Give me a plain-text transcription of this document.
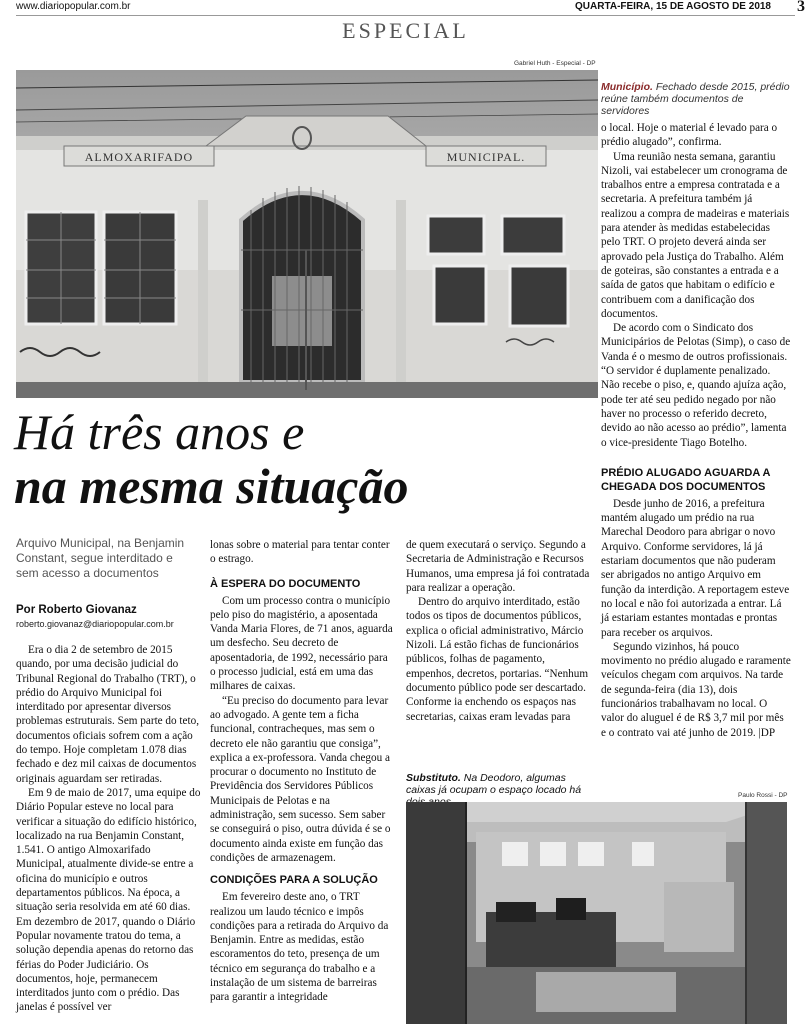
www.diariopopular.com.br	QUARTA-FEIRA, 15 DE AGOSTO DE 2018 3
ESPECIAL
Gabriel Huth - Especial - DP
ALMOXARIFADO	MUNICIPAL.
Município. Fechado desde 2015, prédio reúne também documentos de servidores
Há três anos e
na mesma situação
Arquivo Municipal, na Benjamin Constant, segue interditado e sem acesso a documentos
Por Roberto Giovanaz
roberto.giovanaz@diariopopular.com.br

Era o dia 2 de setembro de 2015 quando, por uma decisão judicial do Tribunal Regional do Trabalho (TRT), o prédio do Arquivo Municipal foi interditado por apresentar diversos problemas estruturais. Sem parte do teto, documentos oficiais sofrem com a ação do tempo. Hoje completam 1.078 dias fechado e dez mil caixas de documentos originais aguardam ser retiradas.

Em 9 de maio de 2017, uma equipe do Diário Popular esteve no local para verificar a situação do edifício histórico, localizado na rua Benjamin Constant, 1.541. O antigo Almoxarifado Municipal, atualmente divide-se entre a oficina do município e outros departamentos públicos. Na época, a situação seria resolvida em até 60 dias. Em dezembro de 2017, quando o Diário Popular novamente tratou do tema, a solução dependia apenas do retorno das férias do Poder Judiciário. Os documentos, hoje, permanecem interditados junto com o prédio. Das janelas é possível ver

lonas sobre o material para tentar conter o estrago.

À ESPERA DO DOCUMENTO

Com um processo contra o município pelo piso do magistério, a aposentada Vanda Maria Flores, de 71 anos, aguarda um desfecho. Seu decreto de aposentadoria, de 1992, necessário para o processo judicial, está em uma das milhares de caixas.

“Eu preciso do documento para levar ao advogado. A gente tem a ficha funcional, contracheques, mas sem o decreto ele não garantiu que consiga”, explica a ex-professora. Vanda chegou a procurar o documento no Instituto de Previdência dos Servidores Públicos Municipais de Pelotas e na administração, sem sucesso. Sem saber se conseguirá o piso, outra dúvida é se o documento ainda existe em função das condições de armazenagem.

CONDIÇÕES PARA A SOLUÇÃO

Em fevereiro deste ano, o TRT realizou um laudo técnico e impôs condições para a retirada do Arquivo da Benjamin. Entre as medidas, estão escoramentos do teto, presença de um técnico em segurança do trabalho e a instalação de um sistema de barreiras para garantir a integridade

de quem executará o serviço. Segundo a Secretaria de Administração e Recursos Humanos, uma empresa já foi contratada para realizar a operação.

Dentro do arquivo interditado, estão todos os tipos de documentos públicos, explica o oficial administrativo, Márcio Nizoli. Lá estão fichas de funcionários públicos, folhas de pagamento, empenhos, decretos, portarias. “Nenhum documento público pode ser descartado. Conforme ia enchendo os espaços nas secretarias, caixas eram levadas para

Substituto. Na Deodoro, algumas caixas já ocupam o espaço locado há	Paulo Rossi - DP

o local. Hoje o material é levado para o prédio alugado”, confirma.

Uma reunião nesta semana, garantiu Nizoli, vai estabelecer um cronograma de trabalhos entre a empresa contratada e a secretaria. A prefeitura também já realizou a compra de madeiras e materiais para atender às medidas estabelecidas pelo TRT. O projeto deverá ainda ser aprovado pela Justiça do Trabalho. Além de goteiras, são constantes a entrada e a saída de gatos que habitam o edifício e contribuem com a danificação dos documentos.

De acordo com o Sindicato dos Municipários de Pelotas (Simp), o caso de Vanda é o mesmo de outros profissionais. “O servidor é duplamente penalizado. Não recebe o piso, e, quando ajuíza ação, pode ter até seu pedido negado por não haver no processo o referido decreto, devido ao não acesso ao prédio”, lamenta o vice-presidente Tiago Botelho.

PRÉDIO ALUGADO AGUARDA A CHEGADA DOS DOCUMENTOS

Desde junho de 2016, a prefeitura mantém alugado um prédio na rua Marechal Deodoro para abrigar o novo Arquivo. Conforme servidores, lá já estariam documentos que não puderam ser abrigados no antigo Arquivo em função da interdição. A reportagem esteve no local e não foi autorizada a entrar. Lá já estariam estantes montadas e prontas para receber os arquivos.

Segundo vizinhos, há pouco movimento no prédio alugado e raramente veículos chegam com arquivos. Na tarde de segunda-feira (dia 13), dois funcionários trabalhavam no local. O valor do aluguel é de R$ 3,7 mil por mês e o contrato vai até junho de 2019. |DP
